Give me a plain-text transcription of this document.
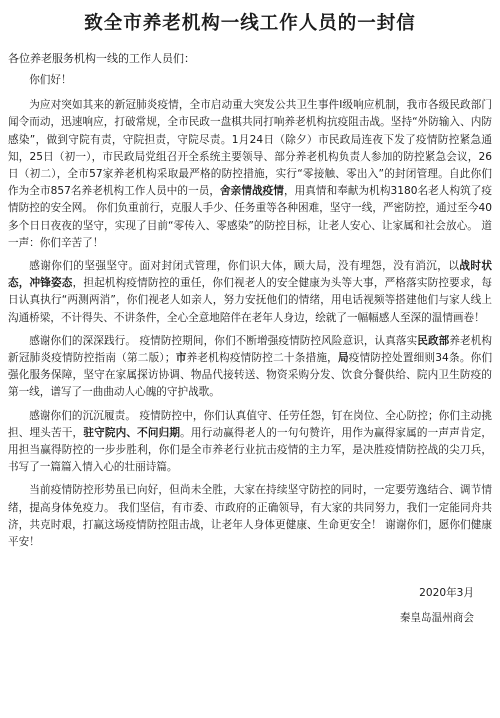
致全市养老机构一线工作人员的一封信
各位养老服务机构一线的工作人员们：
你们好！
为应对突如其来的新冠肺炎疫情，全市启动重大突发公共卫生事件Ⅰ级响应机制，我市各级民政部门闻令而动，迅速响应，打破常规，全市民政一盘棋共同打响养老机构抗疫阻击战。坚持“外防输入、内防感染”，做到守院有责，守院担责，守院尽责。1月24日（除夕）市民政局连夜下发了疫情防控紧急通知，25日（初一），市民政局党组召开全系统主要领导、部分养老机构负责人参加的防控紧急会议，26日（初二），全市57家养老机构采取最严格的防控措施，实行“零接触、零出入”的封闭管理。自此你们作为全市857名养老机构工作人员中的一员，舍亲情战疫情，用真情和奉献为机构3180名老人构筑了疫情防控的安全网。 你们负重前行，克服人手少、任务重等各种困难，坚守一线，严密防控，通过至今40多个日日夜夜的坚守，实现了目前“零传入、零感染”的防控目标，让老人安心、让家属和社会放心。 道一声：你们辛苦了！
感谢你们的坚强坚守。面对封闭式管理，你们识大体，顾大局，没有埋怨，没有消沉，以战时状态，冲锋姿态，担起机构疫情防控的重任，你们视老人的安全健康为头等大事，严格落实防控要求，每日认真执行“两测两消”，你们视老人如亲人，努力安抚他们的情绪，用电话视频等搭建他们与家人线上沟通桥梁，不计得失、不讲条件，全心全意地陪伴在老年人身边，绘就了一幅幅感人至深的温情画卷！
感谢你们的深深践行。 疫情防控期间，你们不断增强疫情防控风险意识，认真落实民政部养老机构新冠肺炎疫情防控指南（第二版）；市养老机构疫情防控二十条措施，局疫情防控处置细则34条。你们强化服务保障，坚守在家属探访协调、物品代接转送、物资采购分发、饮食分餐供给、院内卫生防疫的第一线，谱写了一曲曲动人心魄的守护战歌。
感谢你们的沉沉履责。 疫情防控中，你们认真值守、任劳任怨，钉在岗位、全心防控；你们主动挑担、埋头苦干，驻守院内、不问归期。用行动赢得老人的一句句赞许，用作为赢得家属的一声声肯定，用担当赢得防控的一步步胜利，你们是全市养老行业抗击疫情的主力军，是决胜疫情防控战的尖刀兵，书写了一篇篇入情入心的壮丽诗篇。
当前疫情防控形势虽已向好，但尚未全胜，大家在持续坚守防控的同时，一定要劳逸结合、调节情绪，提高身体免疫力。 我们坚信，有市委、市政府的正确领导，有大家的共同努力，我们一定能同舟共济，共克时艰，打赢这场疫情防控阻击战，让老年人身体更健康、生命更安全！ 谢谢你们，愿你们健康平安！
2020年3月
秦皇岛温州商会
